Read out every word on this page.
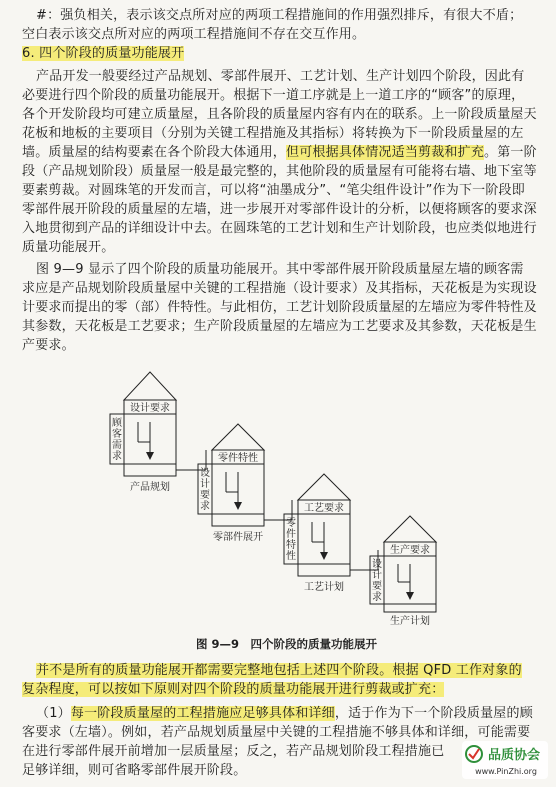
#：强负相关，表示该交点所对应的两项工程措施间的作用强烈排斥，有很大不盾；
空白表示该交点所对应的两项工程措施间不存在交互作用。
6. 四个阶段的质量功能展开
产品开发一般要经过产品规划、零部件展开、工艺计划、生产计划四个阶段，因此有
必要进行四个阶段的质量功能展开。根据下一道工序就是上一道工序的“顾客”的原理，
各个开发阶段均可建立质量屋，且各阶段的质量屋内容有内在的联系。上一阶段质量屋天
花板和地板的主要项目（分别为关键工程措施及其指标）将转换为下一阶段质量屋的左
墙。质量屋的结构要素在各个阶段大体通用，但可根据具体情况适当剪裁和扩充。第一阶
段（产品规划阶段）质量屋一般是最完整的，其他阶段的质量屋有可能将右墙、地下室等
要素剪裁。对圆珠笔的开发而言，可以将“油墨成分”、“笔尖组件设计”作为下一阶段即
零部件展开阶段的质量屋的左墙，进一步展开对零部件设计的分析，以便将顾客的要求深
入地贯彻到产品的详细设计中去。在圆珠笔的工艺计划和生产计划阶段，也应类似地进行
质量功能展开。
图 9—9 显示了四个阶段的质量功能展开。其中零部件展开阶段质量屋左墙的顾客需
求应是产品规划阶段质量屋中关键的工程措施（设计要求）及其指标，天花板是为实现设
计要求而提出的零（部）件特性。与此相仿，工艺计划阶段质量屋的左墙应为零件特性及
其参数，天花板是工艺要求；生产阶段质量屋的左墙应为工艺要求及其参数，天花板是生
产要求。
设计要求
顾
客
需
求
产品规划
零件特性
设
计
要
求
零部件展开
工艺要求
零
件
特
性
工艺计划
生产要求
设
计
要
求
生产计划
图 9—9　四个阶段的质量功能展开
并不是所有的质量功能展开都需要完整地包括上述四个阶段。根据 QFD 工作对象的
复杂程度，可以按如下原则对四个阶段的质量功能展开进行剪裁或扩充：
（1）每一阶段质量屋的工程措施应足够具体和详细，适于作为下一个阶段质量屋的顾
客要求（左墙）。例如，若产品规划质量屋中关键的工程措施不够具体和详细，可能需要
在进行零部件展开前增加一层质量屋；反之，若产品规划阶段工程措施已
足够详细，则可省略零部件展开阶段。
品质协会
www.PinZhi.org
